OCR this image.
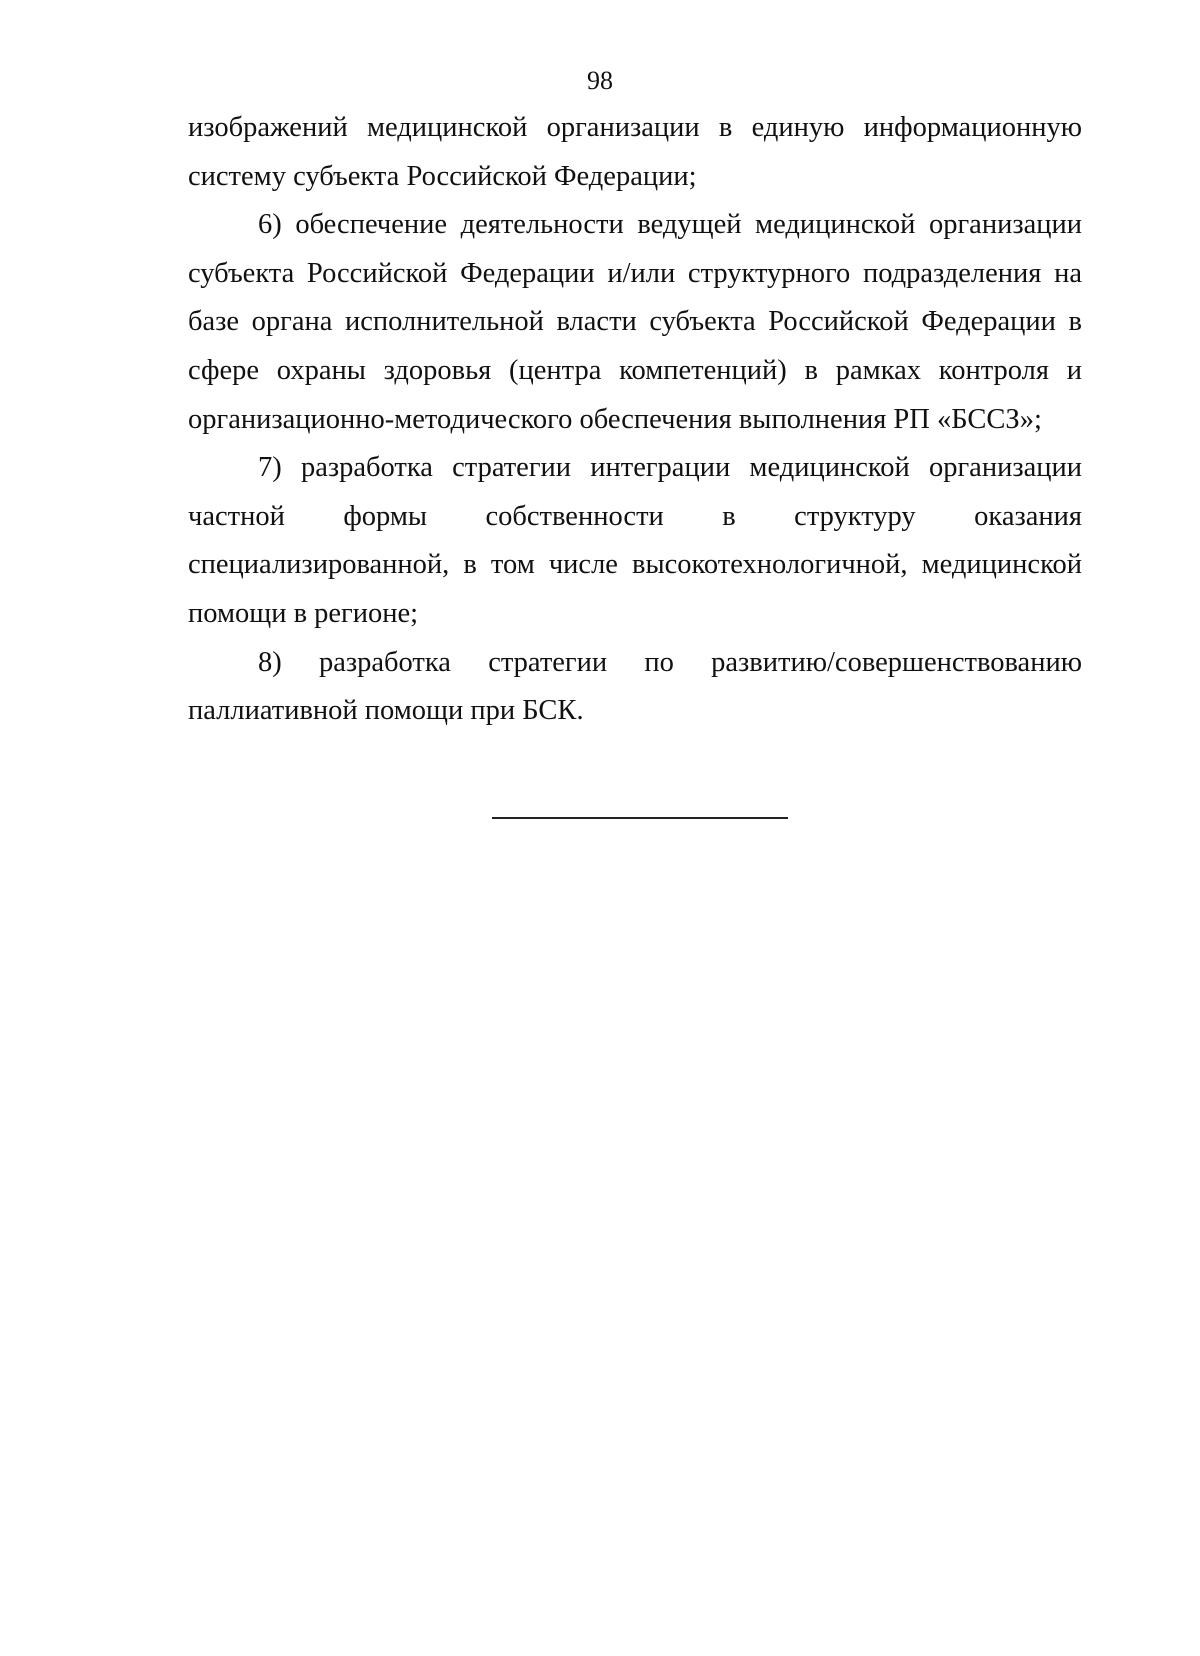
98

изображений медицинской организации в единую информационную систему субъекта Российской Федерации;

6) обеспечение деятельности ведущей медицинской организации субъекта Российской Федерации и/или структурного подразделения на базе органа исполнительной власти субъекта Российской Федерации в сфере охраны здоровья (центра компетенций) в рамках контроля и организационно-методического обеспечения выполнения РП «БССЗ»;

7) разработка стратегии интеграции медицинской организации частной формы собственности в структуру оказания специализированной, в том числе высокотехнологичной, медицинской помощи в регионе;

8) разработка стратегии по развитию/совершенствованию паллиативной помощи при БСК.
